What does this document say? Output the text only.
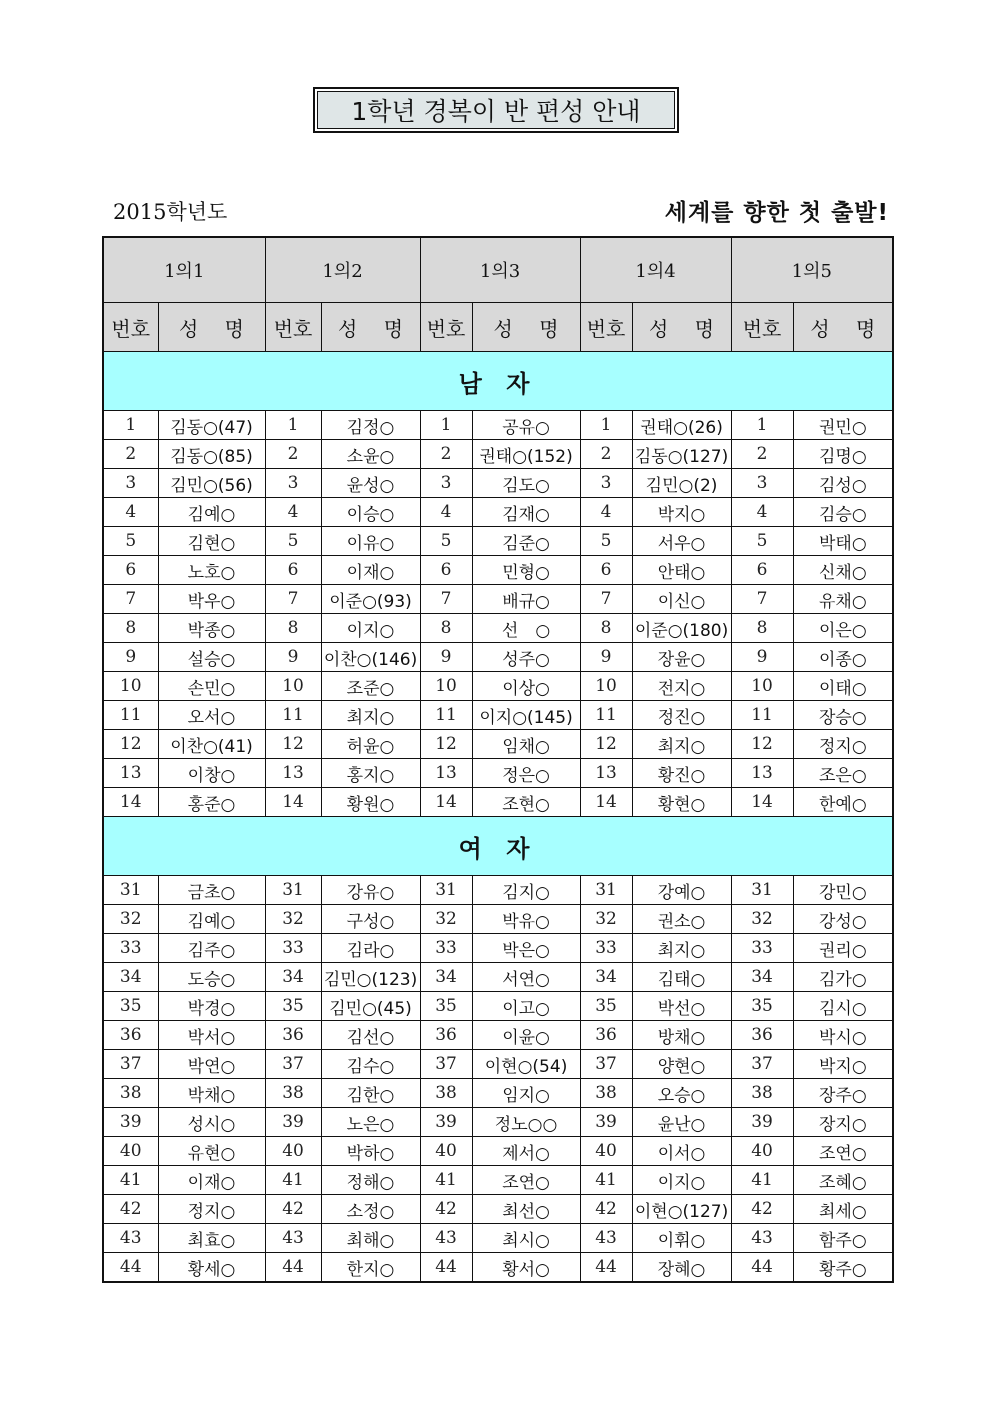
1학년 경복이 반 편성 안내
2015학년도	세계를 향한 첫 출발!
1의1		1의2		1의3		1의4		1의5	
번호	성　 명	번호	성　 명	번호	성　 명	번호	성　 명	번호	성　 명
남 자									
1	김동○(47)	1	김정○	1	공유○	1	권태○(26)	1	권민○
2	김동○(85)	2	소윤○	2	권태○(152)	2	김동○(127)	2	김명○
3	김민○(56)	3	윤성○	3	김도○	3	김민○(2)	3	김성○
4	김예○	4	이승○	4	김재○	4	박지○	4	김승○
5	김현○	5	이유○	5	김준○	5	서우○	5	박태○
6	노호○	6	이재○	6	민형○	6	안태○	6	신채○
7	박우○	7	이준○(93)	7	배규○	7	이신○	7	유채○
8	박종○	8	이지○	8	선　○	8	이준○(180)	8	이은○
9	설승○	9	이찬○(146)	9	성주○	9	장윤○	9	이종○
10	손민○	10	조준○	10	이상○	10	전지○	10	이태○
11	오서○	11	최지○	11	이지○(145)	11	정진○	11	장승○
12	이찬○(41)	12	허윤○	12	임채○	12	최지○	12	정지○
13	이창○	13	홍지○	13	정은○	13	황진○	13	조은○
14	홍준○	14	황원○	14	조현○	14	황현○	14	한예○
여 자									
31	금초○	31	강유○	31	김지○	31	강예○	31	강민○
32	김예○	32	구성○	32	박유○	32	권소○	32	강성○
33	김주○	33	김라○	33	박은○	33	최지○	33	권리○
34	도승○	34	김민○(123)	34	서연○	34	김태○	34	김가○
35	박경○	35	김민○(45)	35	이고○	35	박선○	35	김시○
36	박서○	36	김선○	36	이윤○	36	방채○	36	박시○
37	박연○	37	김수○	37	이현○(54)	37	양현○	37	박지○
38	박채○	38	김한○	38	임지○	38	오승○	38	장주○
39	성시○	39	노은○	39	정노○○	39	윤난○	39	장지○
40	유현○	40	박하○	40	제서○	40	이서○	40	조연○
41	이재○	41	정해○	41	조연○	41	이지○	41	조혜○
42	정지○	42	소정○	42	최선○	42	이현○(127)	42	최세○
43	최효○	43	최해○	43	최시○	43	이휘○	43	함주○
44	황세○	44	한지○	44	황서○	44	장혜○	44	황주○
